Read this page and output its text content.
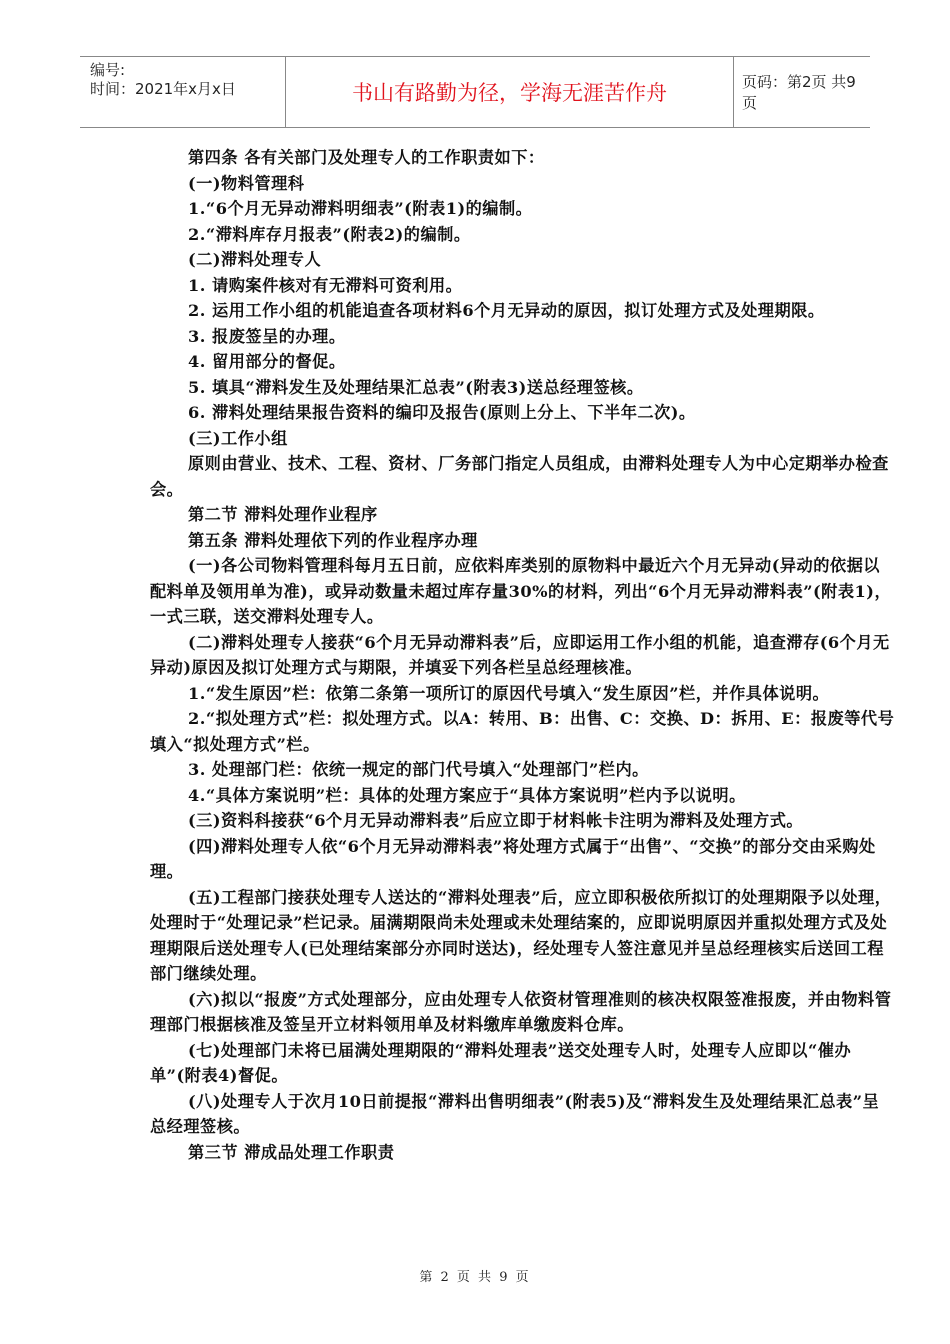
编号:
时间：2021年x月x日	书山有路勤为径，学海无涯苦作舟	页码：第2页 共9页

第四条 各有关部门及处理专人的工作职责如下：

(一)物料管理科

1.“6个月无异动滞料明细表”(附表1)的编制。

2.“滞料库存月报表”(附表2)的编制。

(二)滞料处理专人

1. 请购案件核对有无滞料可资利用。

2. 运用工作小组的机能追查各项材料6个月无异动的原因，拟订处理方式及处理期限。

3. 报废签呈的办理。

4. 留用部分的督促。

5. 填具“滞料发生及处理结果汇总表”(附表3)送总经理签核。

6. 滞料处理结果报告资料的编印及报告(原则上分上、下半年二次)。

(三)工作小组

原则由营业、技术、工程、资材、厂务部门指定人员组成，由滞料处理专人为中心定期举办检查会。

第二节 滞料处理作业程序

第五条 滞料处理依下列的作业程序办理

(一)各公司物料管理科每月五日前，应依料库类别的原物料中最近六个月无异动(异动的依据以配料单及领用单为准)，或异动数量未超过库存量30%的材料，列出“6个月无异动滞料表”(附表1)，一式三联，送交滞料处理专人。

(二)滞料处理专人接获“6个月无异动滞料表”后，应即运用工作小组的机能，追查滞存(6个月无异动)原因及拟订处理方式与期限，并填妥下列各栏呈总经理核准。

1.“发生原因”栏：依第二条第一项所订的原因代号填入“发生原因”栏，并作具体说明。

2.“拟处理方式”栏：拟处理方式。以A：转用、B：出售、C：交换、D：拆用、E：报废等代号填入“拟处理方式”栏。

3. 处理部门栏：依统一规定的部门代号填入“处理部门”栏内。

4.“具体方案说明”栏：具体的处理方案应于“具体方案说明”栏内予以说明。

(三)资料科接获“6个月无异动滞料表”后应立即于材料帐卡注明为滞料及处理方式。

(四)滞料处理专人依“6个月无异动滞料表”将处理方式属于“出售”、“交换”的部分交由采购处理。

(五)工程部门接获处理专人送达的“滞料处理表”后，应立即积极依所拟订的处理期限予以处理，处理时于“处理记录”栏记录。届满期限尚未处理或未处理结案的，应即说明原因并重拟处理方式及处理期限后送处理专人(已处理结案部分亦同时送达)，经处理专人签注意见并呈总经理核实后送回工程部门继续处理。

(六)拟以“报废”方式处理部分，应由处理专人依资材管理准则的核决权限签准报废，并由物料管理部门根据核准及签呈开立材料领用单及材料缴库单缴废料仓库。

(七)处理部门未将已届满处理期限的“滞料处理表”送交处理专人时，处理专人应即以“催办单”(附表4)督促。

(八)处理专人于次月10日前提报“滞料出售明细表”(附表5)及“滞料发生及处理结果汇总表”呈总经理签核。

第三节 滞成品处理工作职责

第 2 页 共 9 页
